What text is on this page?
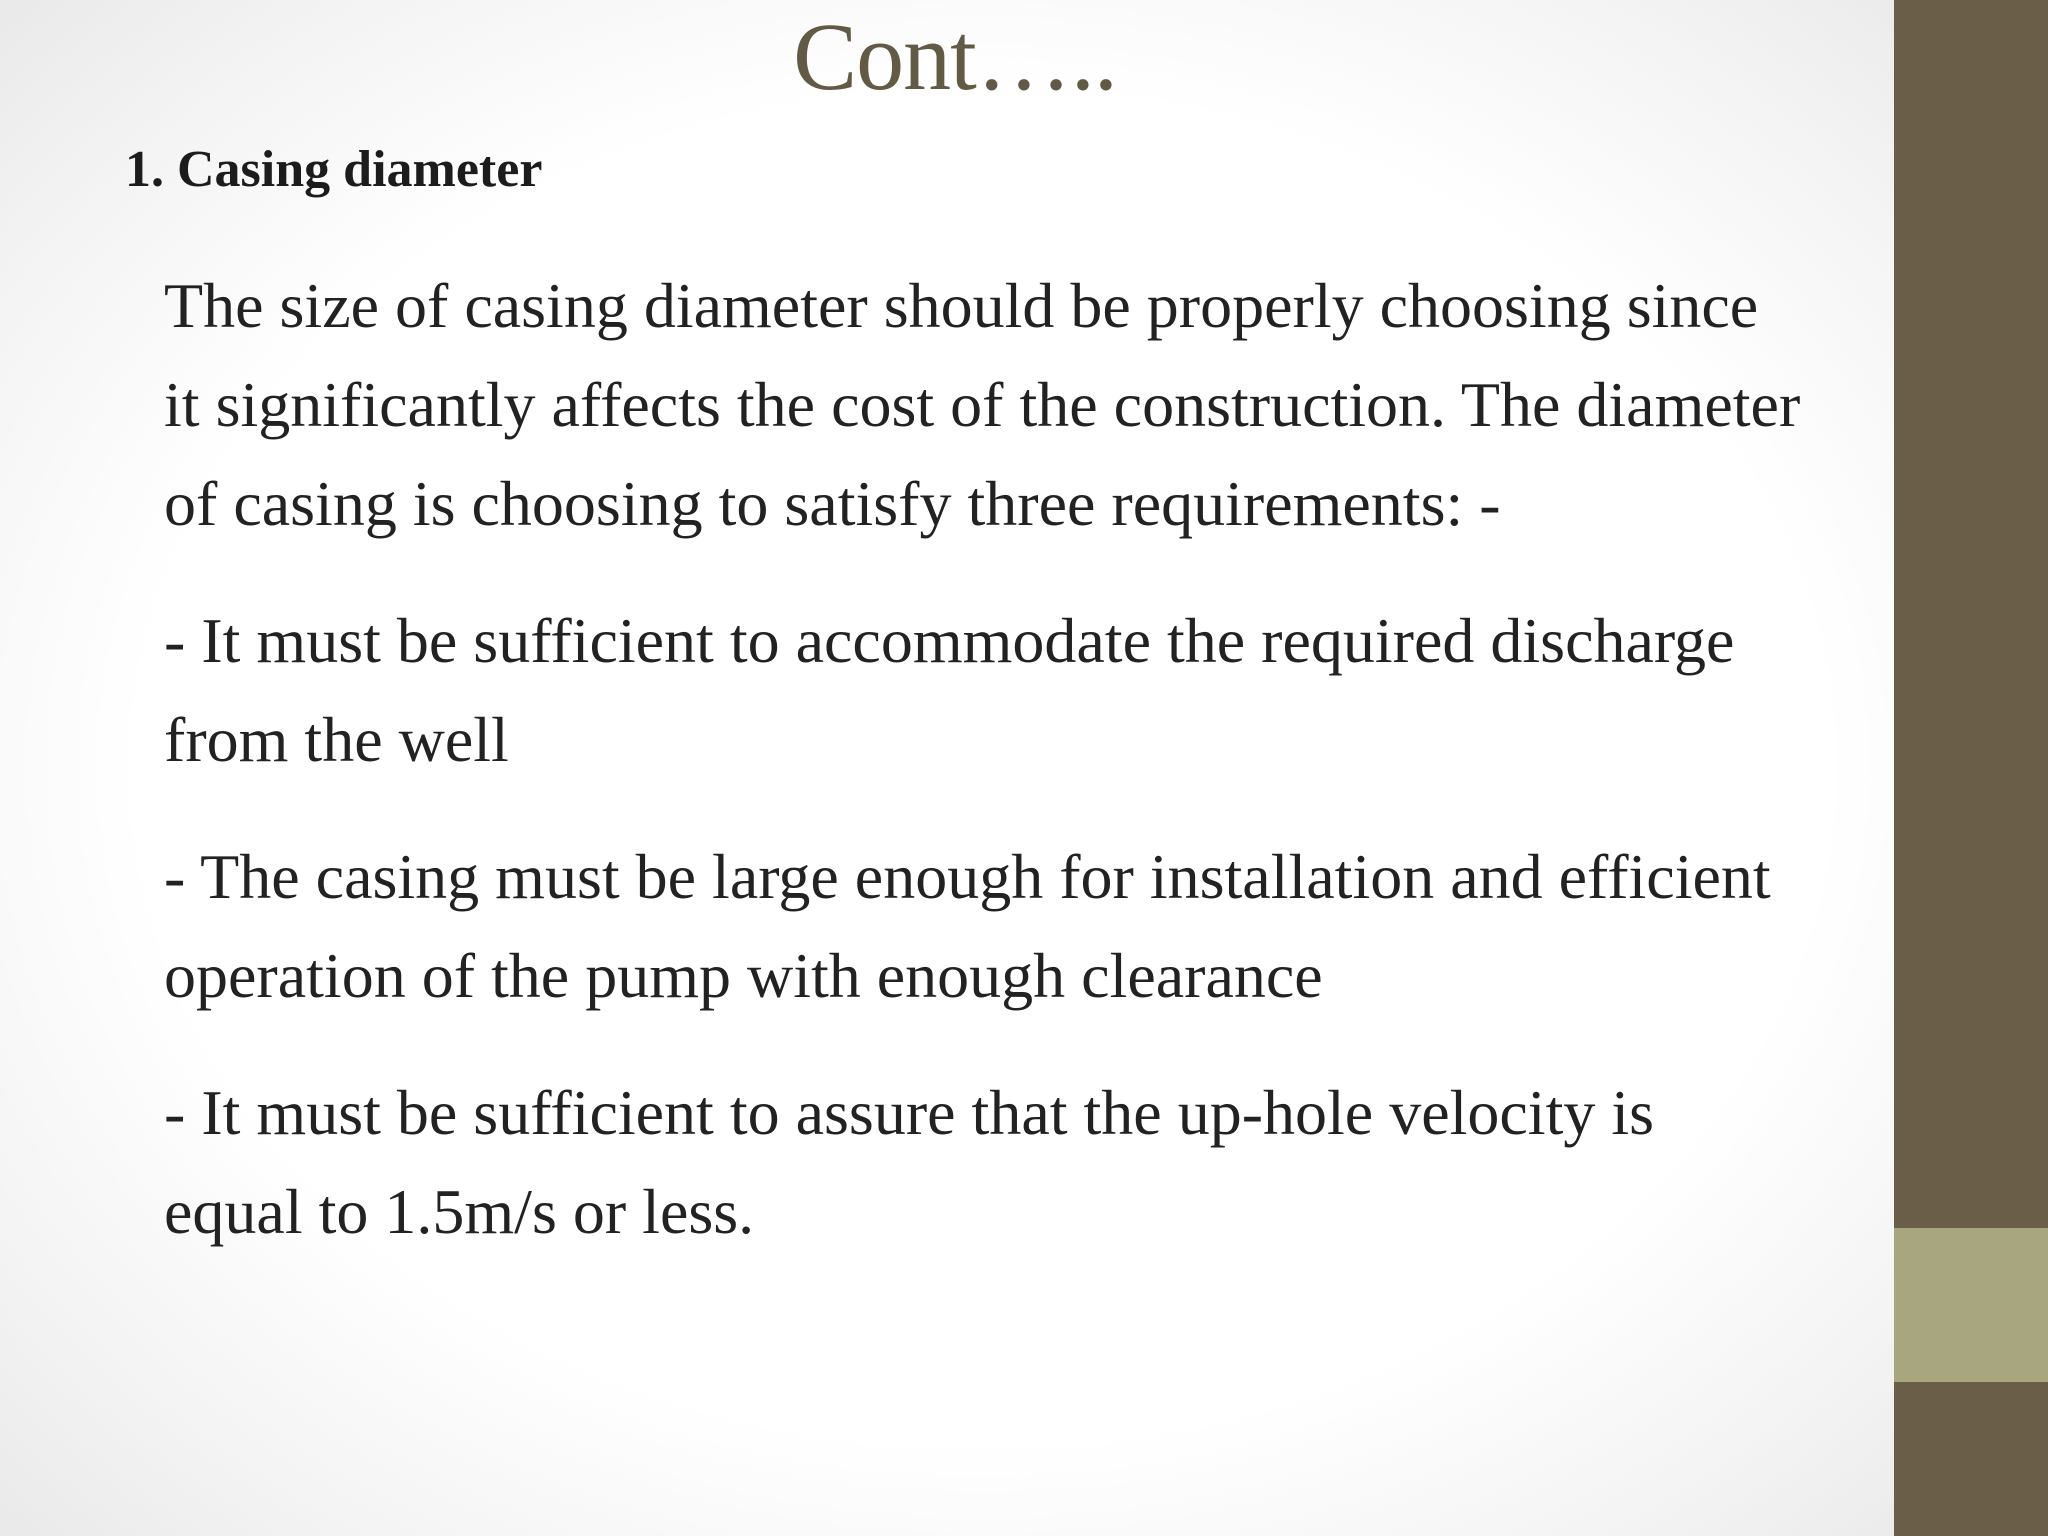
Cont…..
1. Casing diameter

The size of casing diameter should be properly choosing since it significantly affects the cost of the construction. The diameter of casing is choosing to satisfy three requirements: -

- It must be sufficient to accommodate the required discharge from the well

- The casing must be large enough for installation and efficient operation of the pump with enough clearance

- It must be sufficient to assure that the up-hole velocity is equal to 1.5m/s or less.
